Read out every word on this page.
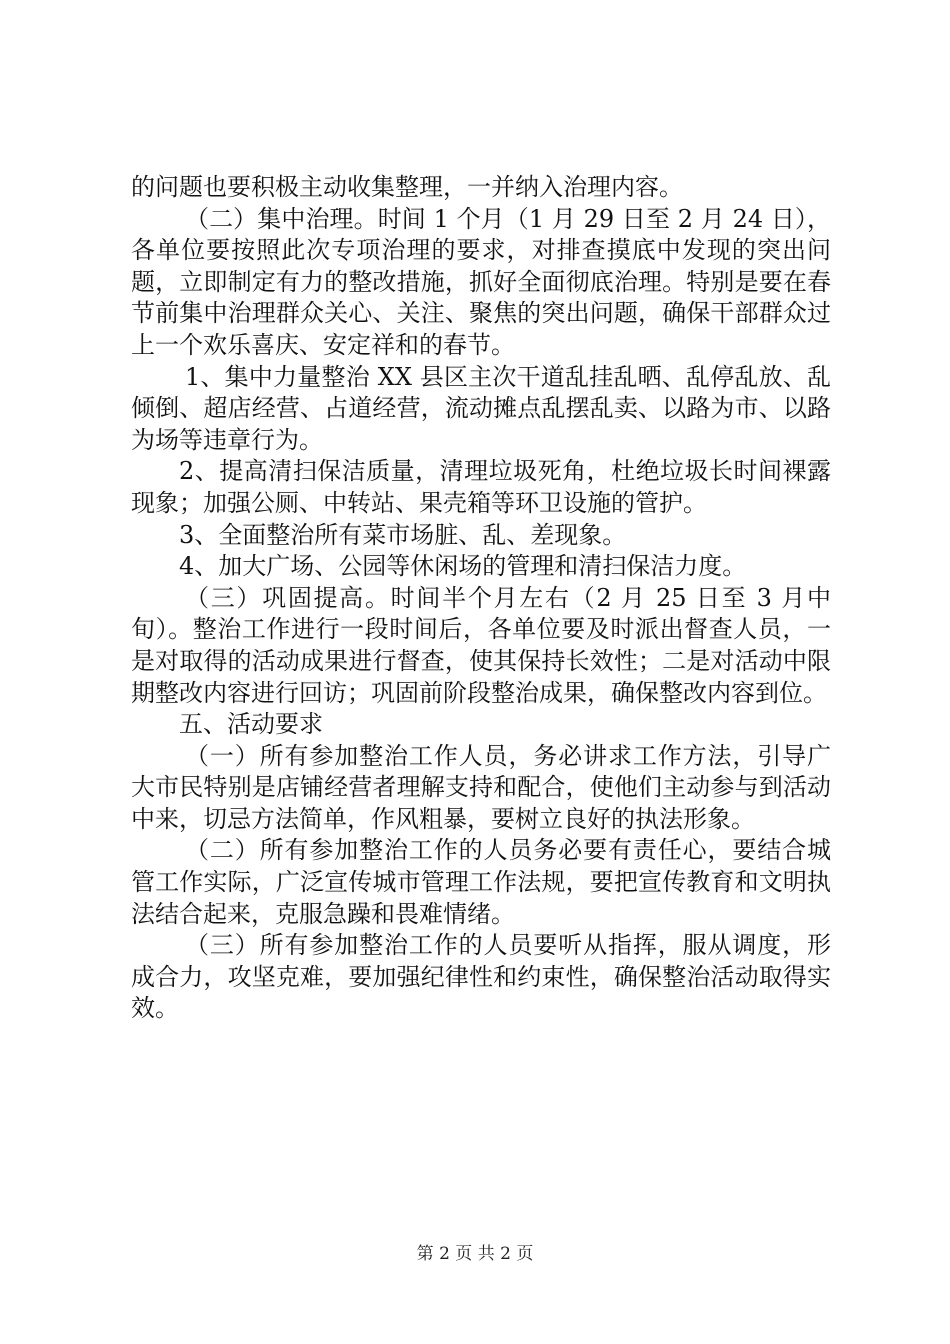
的问题也要积极主动收集整理，一并纳入治理内容。

（二）集中治理。时间 1 个月（1 月 29 日至 2 月 24 日），各单位要按照此次专项治理的要求，对排查摸底中发现的突出问题，立即制定有力的整改措施，抓好全面彻底治理。特别是要在春节前集中治理群众关心、关注、聚焦的突出问题，确保干部群众过上一个欢乐喜庆、安定祥和的春节。

1、集中力量整治 XX 县区主次干道乱挂乱晒、乱停乱放、乱倾倒、超店经营、占道经营，流动摊点乱摆乱卖、以路为市、以路为场等违章行为。

2、提高清扫保洁质量，清理垃圾死角，杜绝垃圾长时间裸露现象；加强公厕、中转站、果壳箱等环卫设施的管护。

3、全面整治所有菜市场脏、乱、差现象。

4、加大广场、公园等休闲场的管理和清扫保洁力度。

（三）巩固提高。时间半个月左右（2 月 25 日至 3 月中旬）。整治工作进行一段时间后，各单位要及时派出督查人员，一是对取得的活动成果进行督查，使其保持长效性；二是对活动中限期整改内容进行回访；巩固前阶段整治成果，确保整改内容到位。

五、活动要求

（一）所有参加整治工作人员，务必讲求工作方法，引导广大市民特别是店铺经营者理解支持和配合，使他们主动参与到活动中来，切忌方法简单，作风粗暴，要树立良好的执法形象。

（二）所有参加整治工作的人员务必要有责任心，要结合城管工作实际，广泛宣传城市管理工作法规，要把宣传教育和文明执法结合起来，克服急躁和畏难情绪。

（三）所有参加整治工作的人员要听从指挥，服从调度，形成合力，攻坚克难，要加强纪律性和约束性，确保整治活动取得实效。

第 2 页 共 2 页
